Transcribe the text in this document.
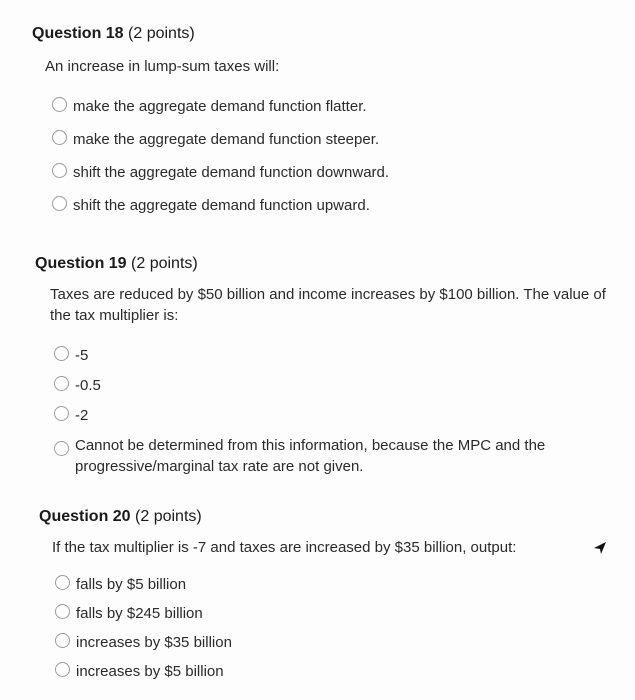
Question 18 (2 points)
An increase in lump-sum taxes will:
make the aggregate demand function flatter.
make the aggregate demand function steeper.
shift the aggregate demand function downward.
shift the aggregate demand function upward.
Question 19 (2 points)
Taxes are reduced by $50 billion and income increases by $100 billion. The value of the tax multiplier is:
-5
-0.5
-2
Cannot be determined from this information, because the MPC and the progressive/marginal tax rate are not given.
Question 20 (2 points)
If the tax multiplier is -7 and taxes are increased by $35 billion, output:
falls by $5 billion
falls by $245 billion
increases by $35 billion
increases by $5 billion
